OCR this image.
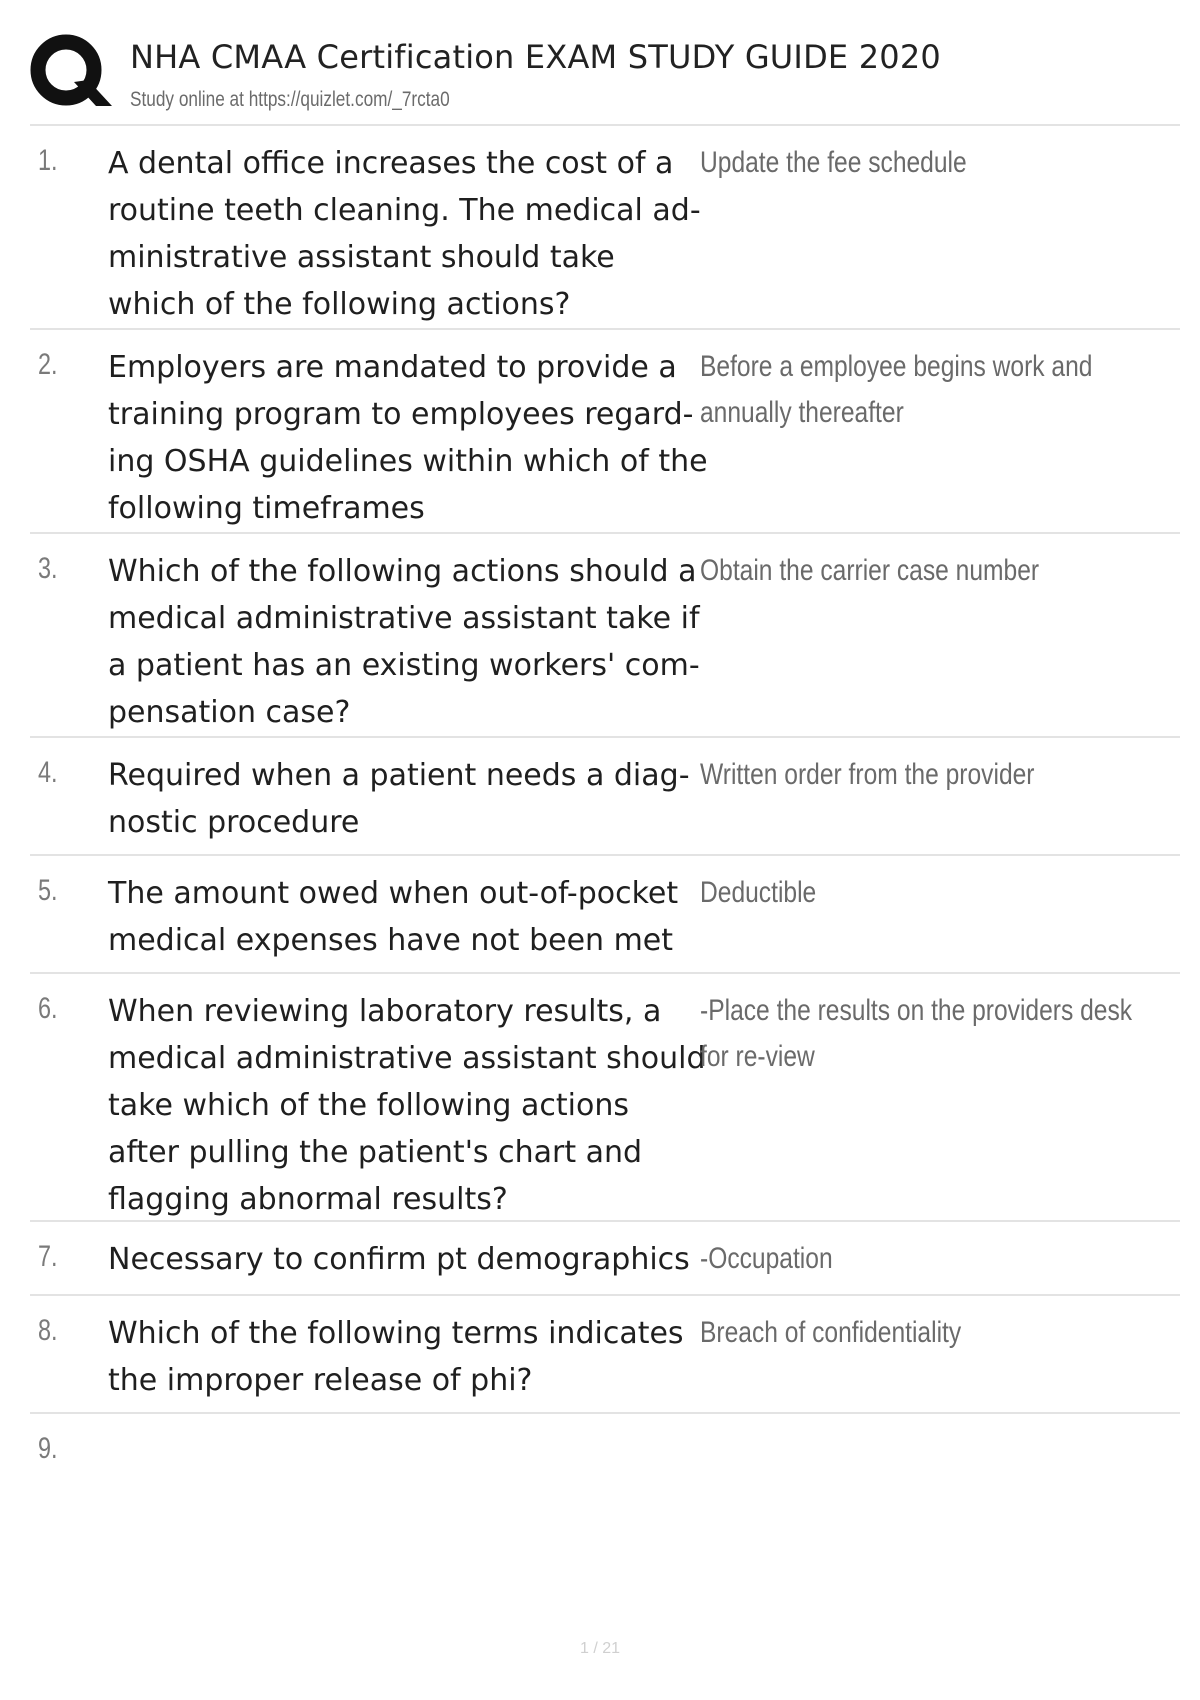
NHA CMAA Certification EXAM STUDY GUIDE 2020
Study online at https://quizlet.com/_7rcta0
1. A dental office increases the cost of a routine teeth cleaning. The medical ad-ministrative assistant should take which of the following actions?
Update the fee schedule
2. Employers are mandated to provide a training program to employees regard-ing OSHA guidelines within which of the following timeframes
Before a employee begins work and annually thereafter
3. Which of the following actions should a medical administrative assistant take if a patient has an existing workers' com-pensation case?
Obtain the carrier case number
4. Required when a patient needs a diag-nostic procedure
Written order from the provider
5. The amount owed when out-of-pocket medical expenses have not been met
Deductible
6. When reviewing laboratory results, a medical administrative assistant should take which of the following actions after pulling the patient's chart and flagging abnormal results?
-Place the results on the providers desk for re-view
7. Necessary to confirm pt demographics -Occupation
8. Which of the following terms indicates the improper release of phi?
Breach of confidentiality
9.
1 / 21
